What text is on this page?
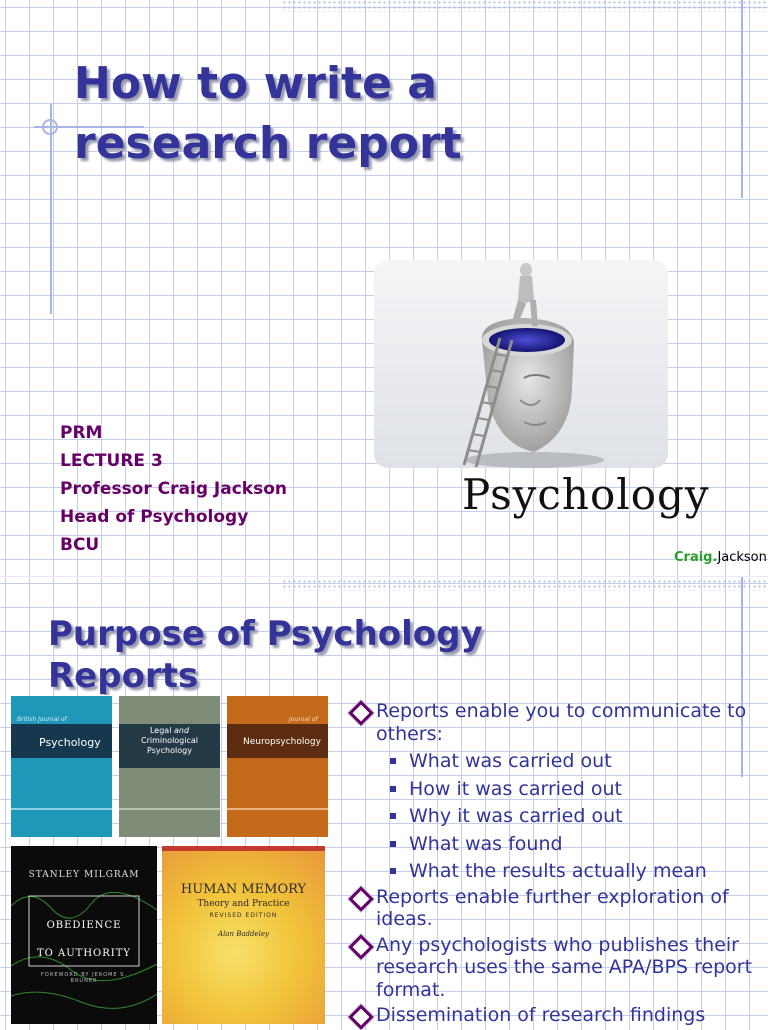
How to write a
research report
PRM
LECTURE 3
Professor Craig Jackson
Head of Psychology
BCU
Psychology
Craig.Jackson
Purpose of Psychology
Reports
British Journal of
Psychology
Legal and
Criminological Psychology
Journal of
Neuropsychology
STANLEY MILGRAM
OBEDIENCE
TO AUTHORITY
FOREWORD BY JEROME S. BRUNER
HUMAN MEMORY
Theory and Practice
REVISED EDITION
Alan Baddeley
Reports enable you to communicate to others:
What was carried out
How it was carried out
Why it was carried out
What was found
What the results actually mean
Reports enable further exploration of ideas.
Any psychologists who publishes their research uses the same APA/BPS report format.
Dissemination of research findings
